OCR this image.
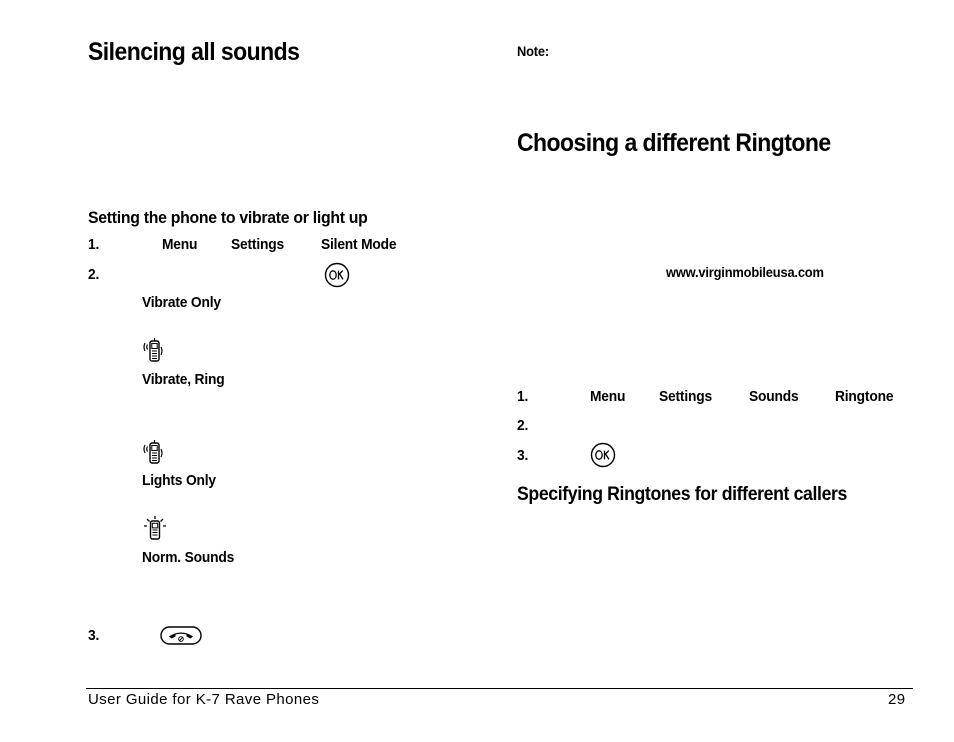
Silencing all sounds
Setting the phone to vibrate or light up
1.	Menu Settings Silent Mode
2.
Vibrate Only
Vibrate, Ring
Lights Only
Norm. Sounds
3.
Note:
Choosing a different Ringtone
www.virginmobileusa.com
1.	Menu Settings Sounds Ringtone
2.
3.
Specifying Ringtones for different callers
User Guide for K-7 Rave Phones	29
